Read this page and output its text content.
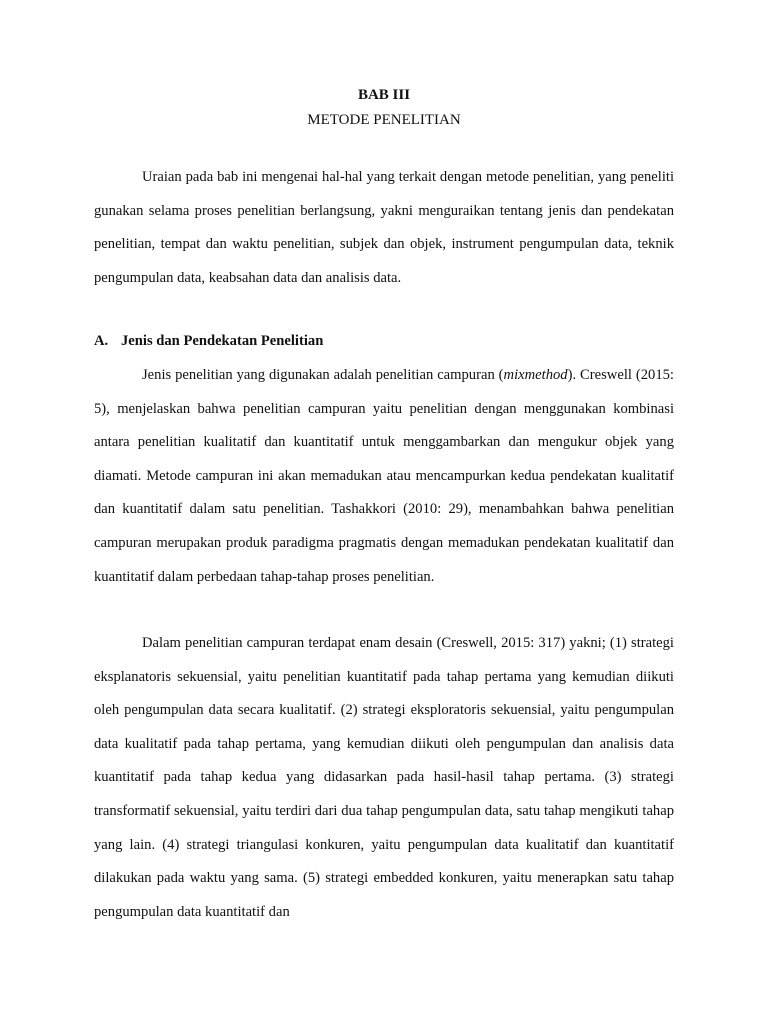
BAB III
METODE PENELITIAN

Uraian pada bab ini mengenai hal-hal yang terkait dengan metode penelitian, yang peneliti gunakan selama proses penelitian berlangsung, yakni menguraikan tentang jenis dan pendekatan penelitian, tempat dan waktu penelitian, subjek dan objek, instrument pengumpulan data, teknik pengumpulan data, keabsahan data dan analisis data.

A. Jenis dan Pendekatan Penelitian

Jenis penelitian yang digunakan adalah penelitian campuran (mixmethod). Creswell (2015: 5), menjelaskan bahwa penelitian campuran yaitu penelitian dengan menggunakan kombinasi antara penelitian kualitatif dan kuantitatif untuk menggambarkan dan mengukur objek yang diamati. Metode campuran ini akan memadukan atau mencampurkan kedua pendekatan kualitatif dan kuantitatif dalam satu penelitian. Tashakkori (2010: 29), menambahkan bahwa penelitian campuran merupakan produk paradigma pragmatis dengan memadukan pendekatan kualitatif dan kuantitatif dalam perbedaan tahap-tahap proses penelitian.

Dalam penelitian campuran terdapat enam desain (Creswell, 2015: 317) yakni; (1) strategi eksplanatoris sekuensial, yaitu penelitian kuantitatif pada tahap pertama yang kemudian diikuti oleh pengumpulan data secara kualitatif. (2) strategi eksploratoris sekuensial, yaitu pengumpulan data kualitatif pada tahap pertama, yang kemudian diikuti oleh pengumpulan dan analisis data kuantitatif pada tahap kedua yang didasarkan pada hasil-hasil tahap pertama. (3) strategi transformatif sekuensial, yaitu terdiri dari dua tahap pengumpulan data, satu tahap mengikuti tahap yang lain. (4) strategi triangulasi konkuren, yaitu pengumpulan data kualitatif dan kuantitatif dilakukan pada waktu yang sama. (5) strategi embedded konkuren, yaitu menerapkan satu tahap pengumpulan data kuantitatif dan
